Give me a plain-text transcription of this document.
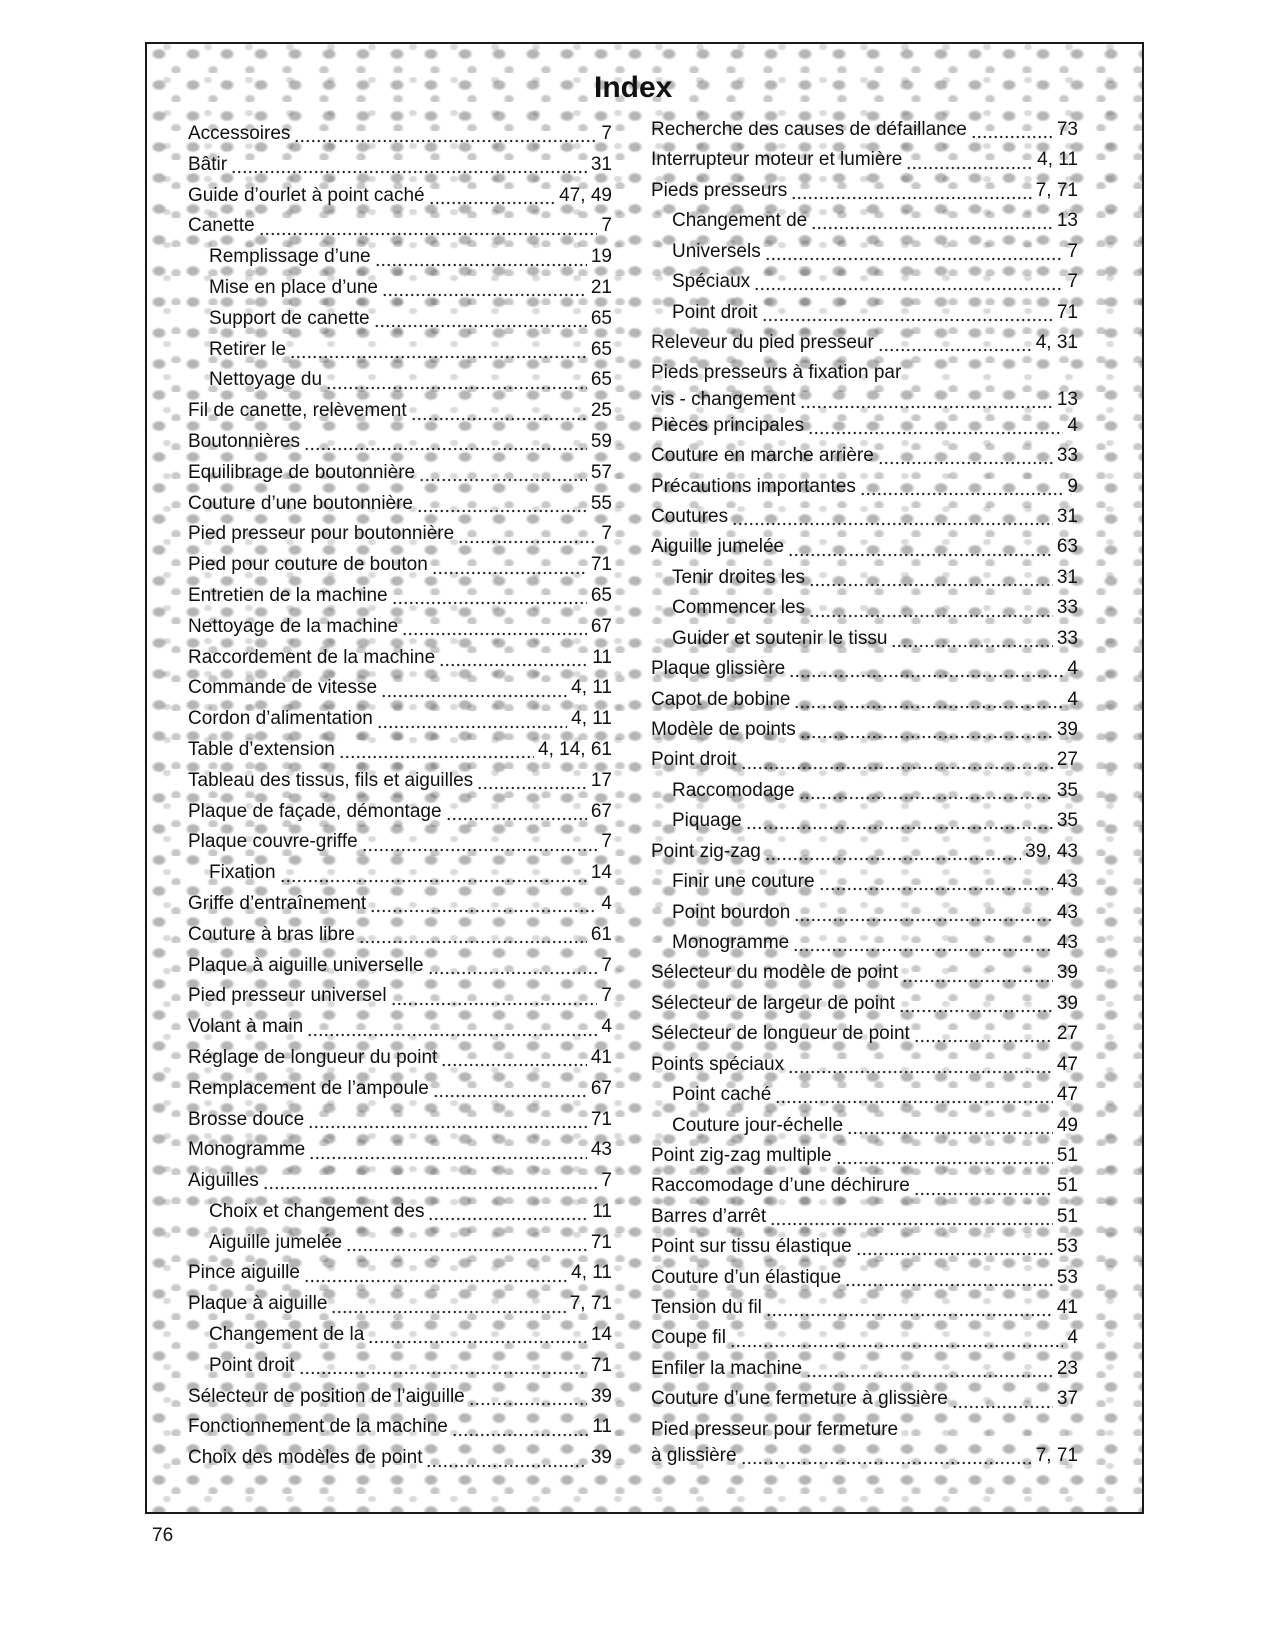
Index
Accessoires	7
Bâtir	31
Guide d’ourlet à point caché	47, 49
Canette	7
Remplissage d’une	19
Mise en place d’une	21
Support de canette	65
Retirer le	65
Nettoyage du	65
Fil de canette, relèvement	25
Boutonnières	59
Equilibrage de boutonnière	57
Couture d’une boutonnière	55
Pied presseur pour boutonnière	7
Pied pour couture de bouton	71
Entretien de la machine	65
Nettoyage de la machine	67
Raccordement de la machine	11
Commande de vitesse	4, 11
Cordon d’alimentation	4, 11
Table d’extension	4, 14, 61
Tableau des tissus, fils et aiguilles	17
Plaque de façade, démontage	67
Plaque couvre-griffe	7
Fixation	14
Griffe d’entraînement	4
Couture à bras libre	61
Plaque à aiguille universelle	7
Pied presseur universel	7
Volant à main	4
Réglage de longueur du point	41
Remplacement de l’ampoule	67
Brosse douce	71
Monogramme	43
Aiguilles	7
Choix et changement des	11
Aiguille jumelée	71
Pince aiguille	4, 11
Plaque à aiguille	7, 71
Changement de la	14
Point droit	71
Sélecteur de position de l’aiguille	39
Fonctionnement de la machine	11
Choix des modèles de point	39
Recherche des causes de défaillance	73
Interrupteur moteur et lumière	4, 11
Pieds presseurs	7, 71
Changement de	13
Universels	7
Spéciaux	7
Point droit	71
Releveur du pied presseur	4, 31
Pieds presseurs à fixation par
vis - changement	13
Pièces principales	4
Couture en marche arrière	33
Précautions importantes	9
Coutures	31
Aiguille jumelée	63
Tenir droites les	31
Commencer les	33
Guider et soutenir le tissu	33
Plaque glissière	4
Capot de bobine	4
Modèle de points	39
Point droit	27
Raccomodage	35
Piquage	35
Point zig-zag	39, 43
Finir une couture	43
Point bourdon	43
Monogramme	43
Sélecteur du modèle de point	39
Sélecteur de largeur de point	39
Sélecteur de longueur de point	27
Points spéciaux	47
Point caché	47
Couture jour-échelle	49
Point zig-zag multiple	51
Raccomodage d’une déchirure	51
Barres d’arrêt	51
Point sur tissu élastique	53
Couture d’un élastique	53
Tension du fil	41
Coupe fil	4
Enfiler la machine	23
Couture d’une fermeture à glissière	37
Pied presseur pour fermeture
à glissière	7, 71
76
